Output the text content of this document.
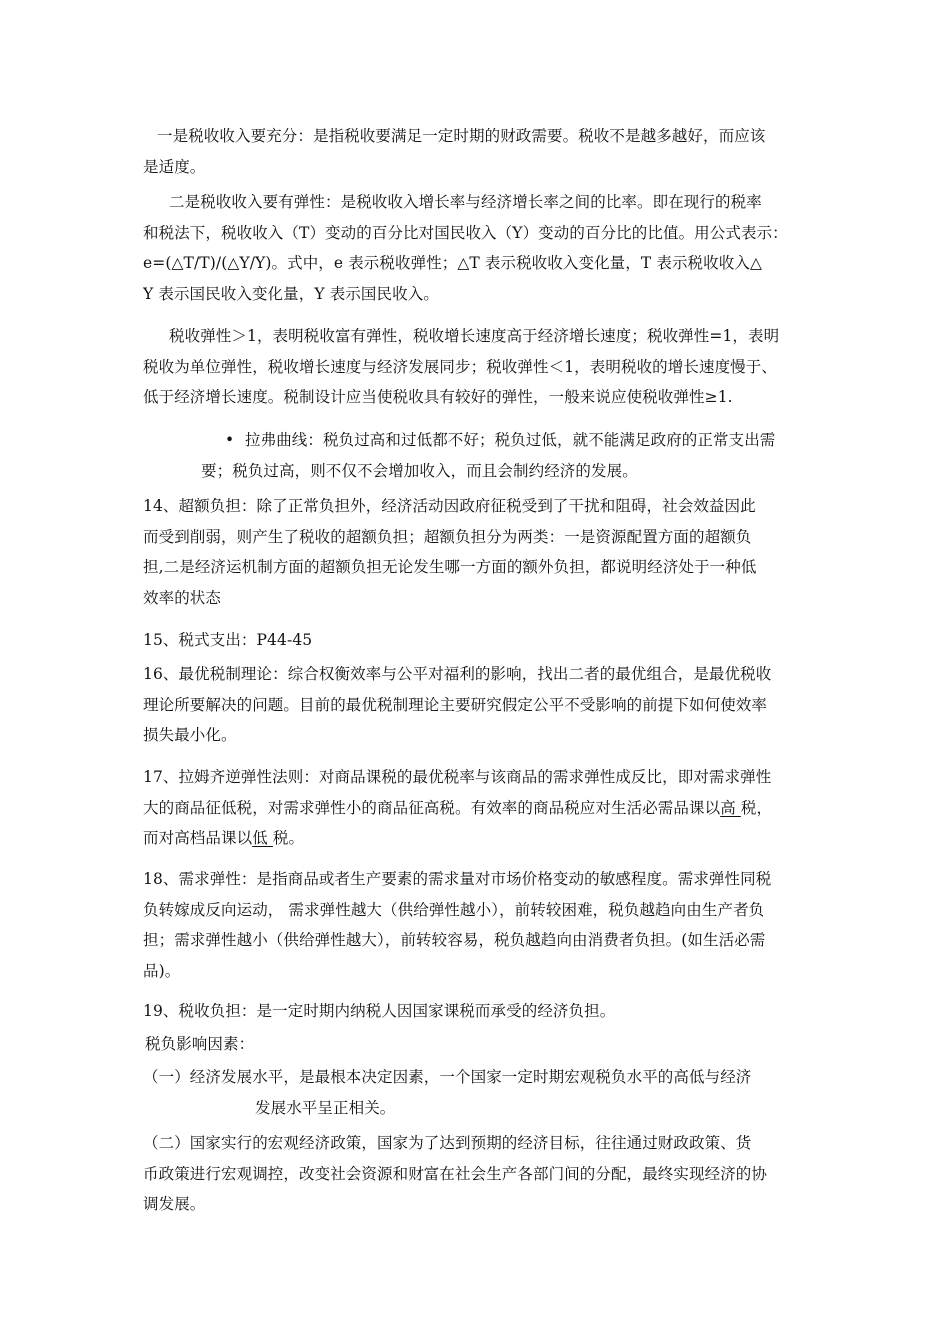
一是税收收入要充分：是指税收要满足一定时期的财政需要。税收不是越多越好，而应该
是适度。
二是税收收入要有弹性：是税收收入增长率与经济增长率之间的比率。即在现行的税率
和税法下，税收收入（T）变动的百分比对国民收入（Y）变动的百分比的比值。用公式表示：
e=(△T/T)/(△Y/Y)。式中，e 表示税收弹性；△T 表示税收收入变化量，T 表示税收收入△
Y 表示国民收入变化量，Y 表示国民收入。
税收弹性＞1，表明税收富有弹性，税收增长速度高于经济增长速度；税收弹性=1，表明
税收为单位弹性，税收增长速度与经济发展同步；税收弹性＜1，表明税收的增长速度慢于、
低于经济增长速度。税制设计应当使税收具有较好的弹性，一般来说应使税收弹性≥1.
• 拉弗曲线：税负过高和过低都不好；税负过低，就不能满足政府的正常支出需
要；税负过高，则不仅不会增加收入，而且会制约经济的发展。
14、超额负担：除了正常负担外，经济活动因政府征税受到了干扰和阻碍，社会效益因此
而受到削弱，则产生了税收的超额负担；超额负担分为两类：一是资源配置方面的超额负
担,二是经济运机制方面的超额负担无论发生哪一方面的额外负担，都说明经济处于一种低
效率的状态
15、税式支出：P44-45
16、最优税制理论：综合权衡效率与公平对福利的影响，找出二者的最优组合，是最优税收
理论所要解决的问题。目前的最优税制理论主要研究假定公平不受影响的前提下如何使效率
损失最小化。
17、拉姆齐逆弹性法则：对商品课税的最优税率与该商品的需求弹性成反比，即对需求弹性
大的商品征低税，对需求弹性小的商品征高税。有效率的商品税应对生活必需品课以高 税，
而对高档品课以低 税。
18、需求弹性：是指商品或者生产要素的需求量对市场价格变动的敏感程度。需求弹性同税
负转嫁成反向运动， 需求弹性越大（供给弹性越小），前转较困难，税负越趋向由生产者负
担；需求弹性越小（供给弹性越大），前转较容易，税负越趋向由消费者负担。(如生活必需
品)。
19、税收负担：是一定时期内纳税人因国家课税而承受的经济负担。
税负影响因素：
（一）经济发展水平，是最根本决定因素，一个国家一定时期宏观税负水平的高低与经济
发展水平呈正相关。
（二）国家实行的宏观经济政策，国家为了达到预期的经济目标，往往通过财政政策、货
币政策进行宏观调控，改变社会资源和财富在社会生产各部门间的分配，最终实现经济的协
调发展。
